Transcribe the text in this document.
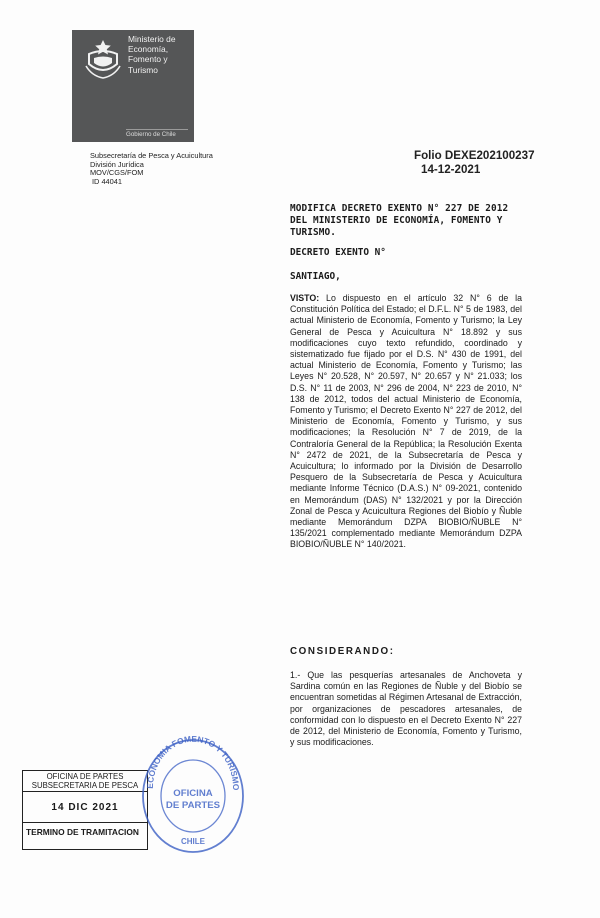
Ministerio de
Economía,
Fomento y
Turismo
Gobierno de Chile
Subsecretaría de Pesca y Acuicultura
División Jurídica
MOV/CGS/FOM
ID 44041
Folio DEXE202100237
14-12-2021
MODIFICA DECRETO EXENTO N° 227 DE 2012 DEL MINISTERIO DE ECONOMÍA, FOMENTO Y TURISMO.
DECRETO EXENTO N°
SANTIAGO,
VISTO: Lo dispuesto en el artículo 32 N° 6 de la Constitución Política del Estado; el D.F.L. N° 5 de 1983, del actual Ministerio de Economía, Fomento y Turismo; la Ley General de Pesca y Acuicultura N° 18.892 y sus modificaciones cuyo texto refundido, coordinado y sistematizado fue fijado por el D.S. N° 430 de 1991, del actual Ministerio de Economía, Fomento y Turismo; las Leyes N° 20.528, N° 20.597, N° 20.657 y N° 21.033; los D.S. N° 11 de 2003, N° 296 de 2004, N° 223 de 2010, N° 138 de 2012, todos del actual Ministerio de Economía, Fomento y Turismo; el Decreto Exento N° 227 de 2012, del Ministerio de Economía, Fomento y Turismo, y sus modificaciones; la Resolución N° 7 de 2019, de la Contraloría General de la República; la Resolución Exenta N° 2472 de 2021, de la Subsecretaría de Pesca y Acuicultura; lo informado por la División de Desarrollo Pesquero de la Subsecretaría de Pesca y Acuicultura mediante Informe Técnico (D.A.S.) N° 09-2021, contenido en Memorándum (DAS) N° 132/2021 y por la Dirección Zonal de Pesca y Acuicultura Regiones del Biobío y Ñuble mediante Memorándum DZPA BIOBIO/ÑUBLE N° 135/2021 complementado mediante Memorándum DZPA BIOBIO/ÑUBLE N° 140/2021.
CONSIDERANDO:
1.- Que las pesquerías artesanales de Anchoveta y Sardina común en las Regiones de Ñuble y del Biobío se encuentran sometidas al Régimen Artesanal de Extracción, por organizaciones de pescadores artesanales, de conformidad con lo dispuesto en el Decreto Exento N° 227 de 2012, del Ministerio de Economía, Fomento y Turismo, y sus modificaciones.
OFICINA DE PARTES
SUBSECRETARIA DE PESCA
14 DIC 2021
TERMINO DE TRAMITACION
ECONOMIA FOMENTO Y TURISMO
OFICINA
DE PARTES
CHILE
